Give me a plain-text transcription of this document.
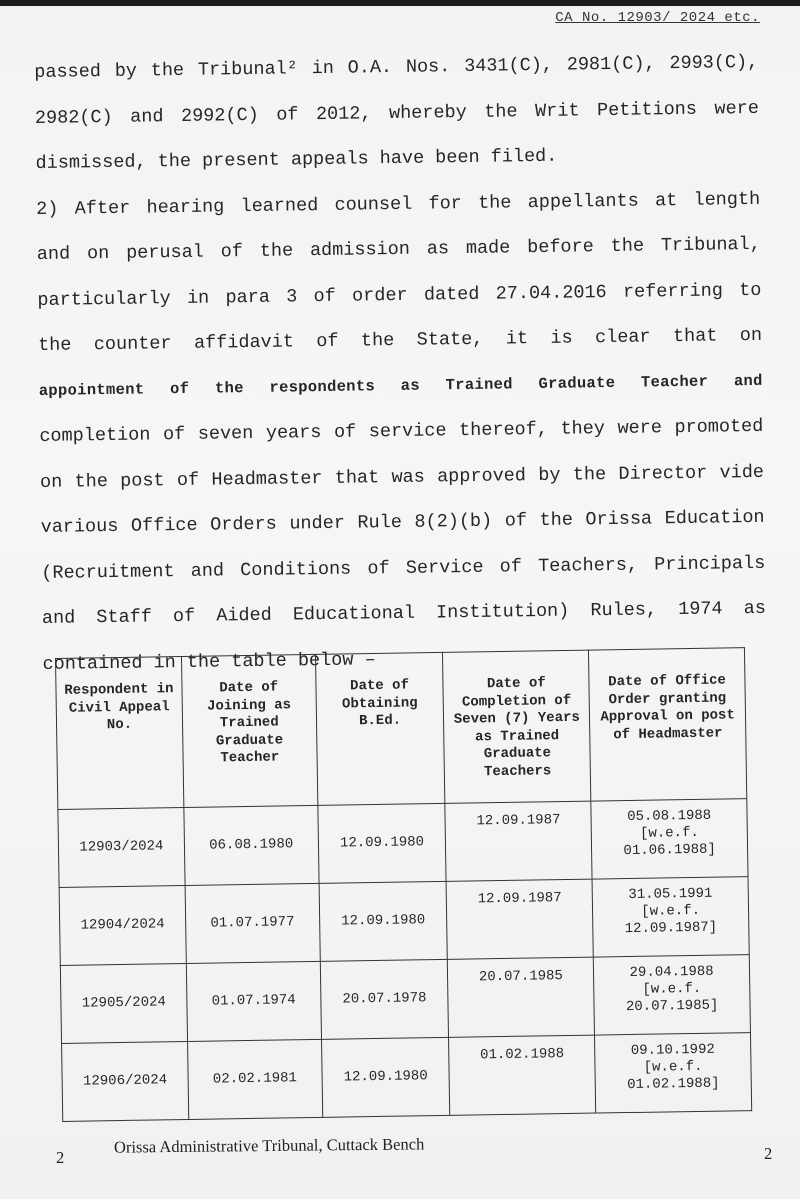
CA No. 12903/ 2024 etc.
passed by the Tribunal² in O.A. Nos. 3431(C), 2981(C), 2993(C),
2982(C) and 2992(C) of 2012, whereby the Writ Petitions were
dismissed, the present appeals have been filed.
2) After hearing learned counsel for the appellants at length
and on perusal of the admission as made before the Tribunal,
particularly in para 3 of order dated 27.04.2016 referring to
the counter affidavit of the State, it is clear that on
appointment of the respondents as Trained Graduate Teacher and
completion of seven years of service thereof, they were promoted
on the post of Headmaster that was approved by the Director vide
various Office Orders under Rule 8(2)(b) of the Orissa Education
(Recruitment and Conditions of Service of Teachers, Principals
and Staff of Aided Educational Institution) Rules, 1974 as
contained in the table below –
Respondent in Civil Appeal No.	Date of Joining as Trained Graduate Teacher	Date of Obtaining B.Ed.	Date of Completion of Seven (7) Years as Trained Graduate Teachers	Date of Office Order granting Approval on post of Headmaster
12903/2024	06.08.1980	12.09.1980	12.09.1987	05.08.1988
[w.e.f.
01.06.1988]

12904/2024	01.07.1977	12.09.1980	12.09.1987	31.05.1991
[w.e.f.
12.09.1987]

12905/2024	01.07.1974	20.07.1978	20.07.1985	29.04.1988
[w.e.f.
20.07.1985]

12906/2024	02.02.1981	12.09.1980	01.02.1988	09.10.1992
[w.e.f.
01.02.1988]
2
Orissa Administrative Tribunal, Cuttack Bench	2
